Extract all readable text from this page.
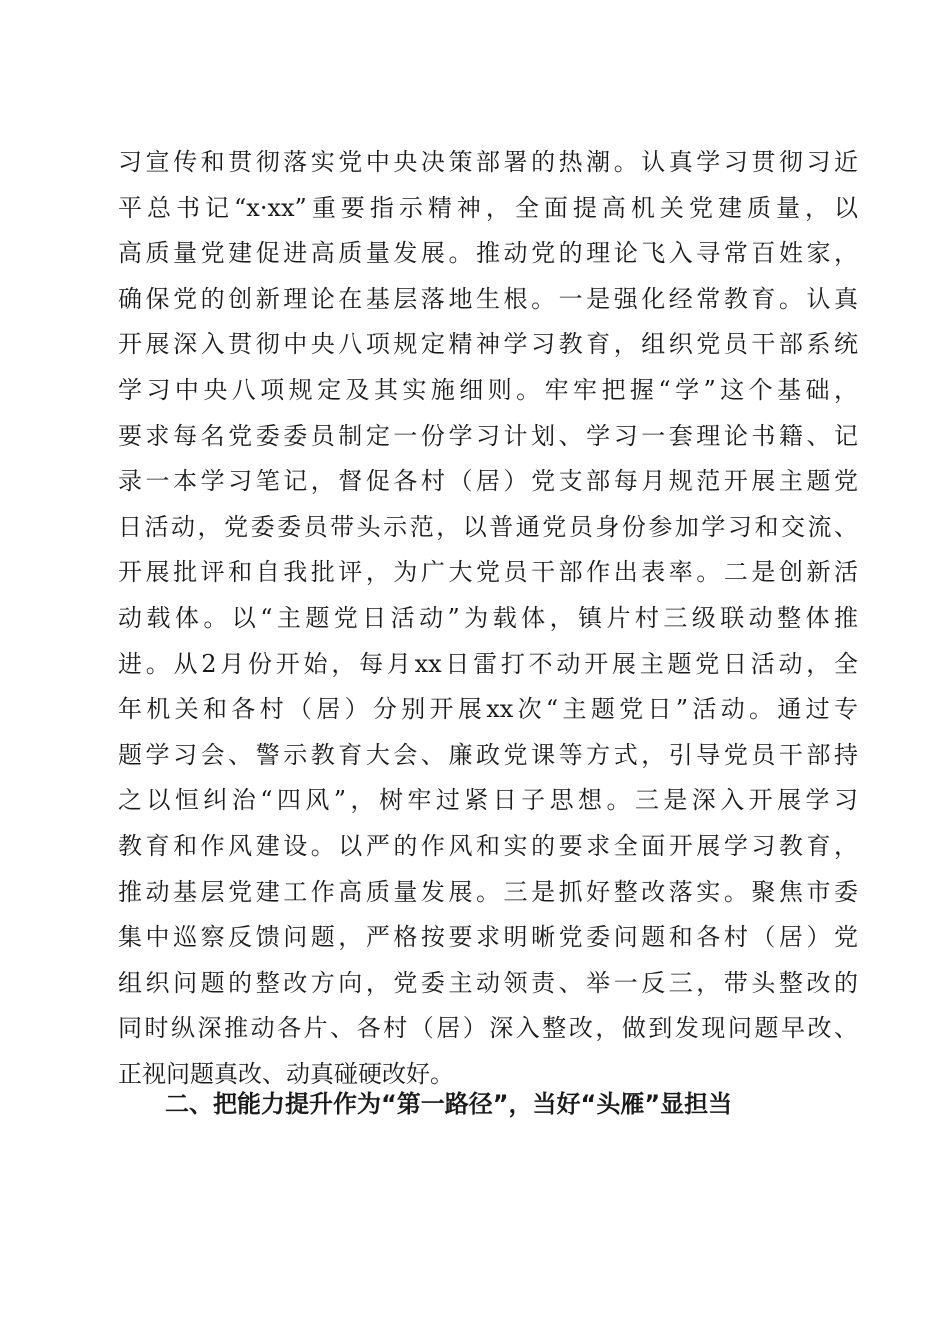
习宣传和贯彻落实党中央决策部署的热潮。认真学习贯彻习近
平总书记“x·xx”重要指示精神，全面提高机关党建质量，以
高质量党建促进高质量发展。推动党的理论飞入寻常百姓家，
确保党的创新理论在基层落地生根。一是强化经常教育。认真
开展深入贯彻中央八项规定精神学习教育，组织党员干部系统
学习中央八项规定及其实施细则。牢牢把握“学”这个基础，
要求每名党委委员制定一份学习计划、学习一套理论书籍、记
录一本学习笔记，督促各村（居）党支部每月规范开展主题党
日活动，党委委员带头示范，以普通党员身份参加学习和交流、
开展批评和自我批评，为广大党员干部作出表率。二是创新活
动载体。以“主题党日活动”为载体，镇片村三级联动整体推
进。从2月份开始，每月xx日雷打不动开展主题党日活动，全
年机关和各村（居）分别开展xx次“主题党日”活动。通过专
题学习会、警示教育大会、廉政党课等方式，引导党员干部持
之以恒纠治“四风”，树牢过紧日子思想。三是深入开展学习
教育和作风建设。以严的作风和实的要求全面开展学习教育，
推动基层党建工作高质量发展。三是抓好整改落实。聚焦市委
集中巡察反馈问题，严格按要求明晰党委问题和各村（居）党
组织问题的整改方向，党委主动领责、举一反三，带头整改的
同时纵深推动各片、各村（居）深入整改，做到发现问题早改、
正视问题真改、动真碰硬改好。
二、把能力提升作为“第一路径”，当好“头雁”显担当
